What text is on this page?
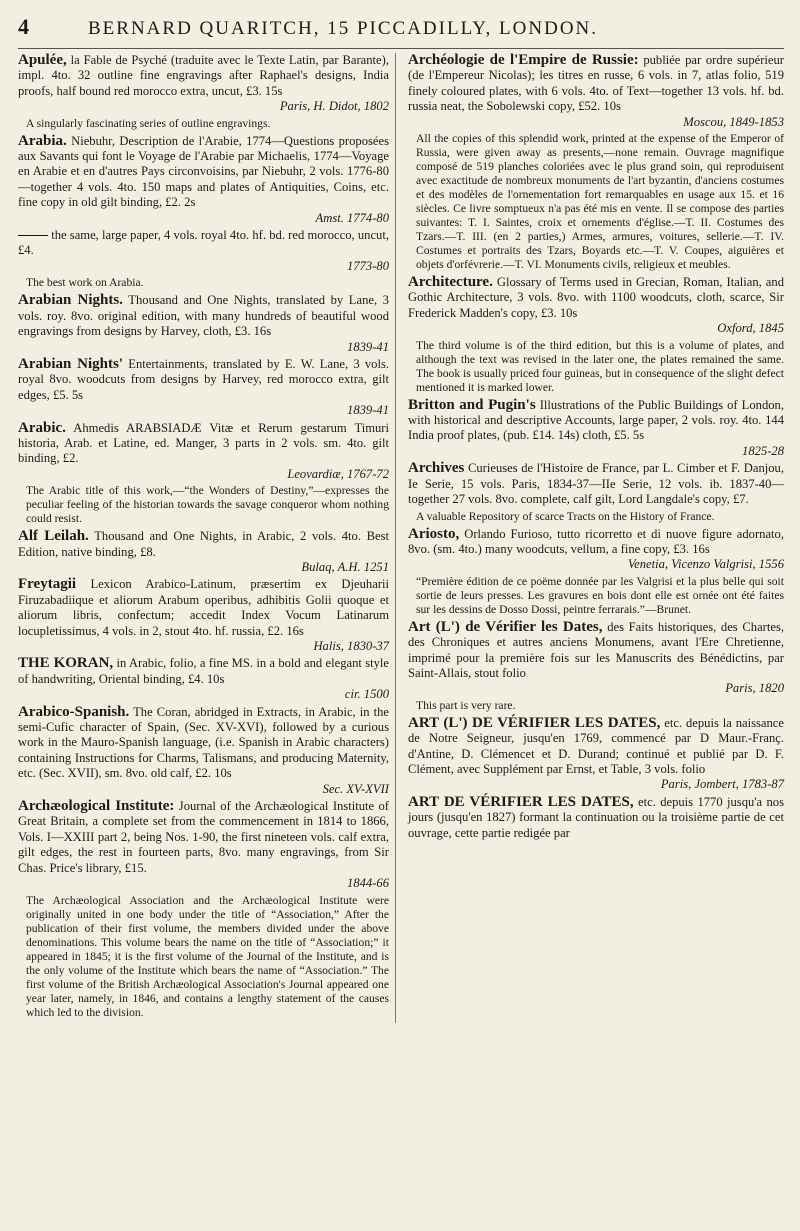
4	BERNARD QUARITCH, 15 PICCADILLY, LONDON.

Apulée, la Fable de Psyché (traduite avec le Texte Latin, par Barante), impl. 4to. 32 outline fine engravings after Raphael's designs, India proofs, half bound red morocco extra, uncut, £3. 15s
Paris, H. Didot, 1802

A singularly fascinating series of outline engravings.

Arabia. Niebuhr, Description de l'Arabie, 1774—Questions proposées aux Savants qui font le Voyage de l'Arabie par Michaelis, 1774—Voyage en Arabie et en d'autres Pays circonvoisins, par Niebuhr, 2 vols. 1776-80—together 4 vols. 4to. 150 maps and plates of Antiquities, Coins, etc. fine copy in old gilt binding, £2. 2s
Amst. 1774-80

—— the same, large paper, 4 vols. royal 4to. hf. bd. red morocco, uncut, £4.
1773-80

The best work on Arabia.

Arabian Nights. Thousand and One Nights, translated by Lane, 3 vols. roy. 8vo. original edition, with many hundreds of beautiful wood engravings from designs by Harvey, cloth, £3. 16s
1839-41

Arabian Nights' Entertainments, translated by E. W. Lane, 3 vols. royal 8vo. woodcuts from designs by Harvey, red morocco extra, gilt edges, £5. 5s
1839-41

Arabic. Ahmedis ARABSIADÆ Vitæ et Rerum gestarum Timuri historia, Arab. et Latine, ed. Manger, 3 parts in 2 vols. sm. 4to. gilt binding, £2.
Leovardiæ, 1767-72

The Arabic title of this work,—“the Wonders of Destiny,”—expresses the peculiar feeling of the historian towards the savage conqueror whom nothing could resist.

Alf Leilah. Thousand and One Nights, in Arabic, 2 vols. 4to. Best Edition, native binding, £8.
Bulaq, A.H. 1251

Freytagii Lexicon Arabico-Latinum, præsertim ex Djeuharii Firuzabadiique et aliorum Arabum operibus, adhibitis Golii quoque et aliorum libris, confectum; accedit Index Vocum Latinarum locupletissimus, 4 vols. in 2, stout 4to. hf. russia, £2. 16s
Halis, 1830-37

THE KORAN, in Arabic, folio, a fine MS. in a bold and elegant style of handwriting, Oriental binding, £4. 10s
cir. 1500

Arabico-Spanish. The Coran, abridged in Extracts, in Arabic, in the semi-Cufic character of Spain, (Sec. XV-XVI), followed by a curious work in the Mauro-Spanish language, (i.e. Spanish in Arabic characters) containing Instructions for Charms, Talismans, and producing Maternity, etc. (Sec. XVII), sm. 8vo. old calf, £2. 10s
Sec. XV-XVII

Archæological Institute: Journal of the Archæological Institute of Great Britain, a complete set from the commencement in 1814 to 1866, Vols. I—XXIII part 2, being Nos. 1-90, the first nineteen vols. calf extra, gilt edges, the rest in fourteen parts, 8vo. many engravings, from Sir Chas. Price's library, £15.
1844-66

The Archæological Association and the Archæological Institute were originally united in one body under the title of “Association,” After the publication of their first volume, the members divided under the above denominations. This volume bears the name on the title of “Association;” it appeared in 1845; it is the first volume of the Journal of the Institute, and is the only volume of the Institute which bears the name of “Association.” The first volume of the British Archæological Association's Journal appeared one year later, namely, in 1846, and contains a lengthy statement of the causes which led to the division.

Archéologie de l'Empire de Russie: publiée par ordre supérieur (de l'Empereur Nicolas); les titres en russe, 6 vols. in 7, atlas folio, 519 finely coloured plates, with 6 vols. 4to. of Text—together 13 vols. hf. bd. russia neat, the Sobolewski copy, £52. 10s
Moscou, 1849-1853

All the copies of this splendid work, printed at the expense of the Emperor of Russia, were given away as presents,—none remain. Ouvrage magnifique composé de 519 planches coloriées avec le plus grand soin, qui reproduisent avec exactitude de nombreux monuments de l'art byzantin, d'anciens costumes et des modèles de l'ornementation fort remarquables en usage aux 15. et 16 siècles. Ce livre somptueux n'a pas été mis en vente. Il se compose des parties suivantes: T. I. Saintes, croix et ornements d'église.—T. II. Costumes des Tzars.—T. III. (en 2 parties,) Armes, armures, voitures, sellerie.—T. IV. Costumes et portraits des Tzars, Boyards etc.—T. V. Coupes, aiguières et objets d'orfévrerie.—T. VI. Monuments civils, religieux et meubles.

Architecture. Glossary of Terms used in Grecian, Roman, Italian, and Gothic Architecture, 3 vols. 8vo. with 1100 woodcuts, cloth, scarce, Sir Frederick Madden's copy, £3. 10s
Oxford, 1845

The third volume is of the third edition, but this is a volume of plates, and although the text was revised in the later one, the plates remained the same. The book is usually priced four guineas, but in consequence of the slight defect mentioned it is marked lower.

Britton and Pugin's Illustrations of the Public Buildings of London, with historical and descriptive Accounts, large paper, 2 vols. roy. 4to. 144 India proof plates, (pub. £14. 14s) cloth, £5. 5s
1825-28

Archives Curieuses de l'Histoire de France, par L. Cimber et F. Danjou, Ie Serie, 15 vols. Paris, 1834-37—IIe Serie, 12 vols. ib. 1837-40—together 27 vols. 8vo. complete, calf gilt, Lord Langdale's copy, £7.

A valuable Repository of scarce Tracts on the History of France.

Ariosto, Orlando Furioso, tutto ricorretto et di nuove figure adornato, 8vo. (sm. 4to.) many woodcuts, vellum, a fine copy, £3. 16s
Venetia, Vicenzo Valgrisi, 1556

“Première édition de ce poëme donnée par les Valgrisi et la plus belle qui soit sortie de leurs presses. Les gravures en bois dont elle est ornée ont été faites sur les dessins de Dosso Dossi, peintre ferrarais.”—Brunet.

Art (L') de Vérifier les Dates, des Faits historiques, des Chartes, des Chroniques et autres anciens Monumens, avant l'Ere Chretienne, imprimé pour la première fois sur les Manuscrits des Bénédictins, par Saint-Allais, stout folio
Paris, 1820

This part is very rare.

ART (L') DE VÉRIFIER LES DATES, etc. depuis la naissance de Notre Seigneur, jusqu'en 1769, commencé par D Maur.-Franç. d'Antine, D. Clémencet et D. Durand; continué et publié par D. F. Clément, avec Supplément par Ernst, et Table, 3 vols. folio
Paris, Jombert, 1783-87

ART DE VÉRIFIER LES DATES, etc. depuis 1770 jusqu'a nos jours (jusqu'en 1827) formant la continuation ou la troisième partie de cet ouvrage, cette partie redigée par
